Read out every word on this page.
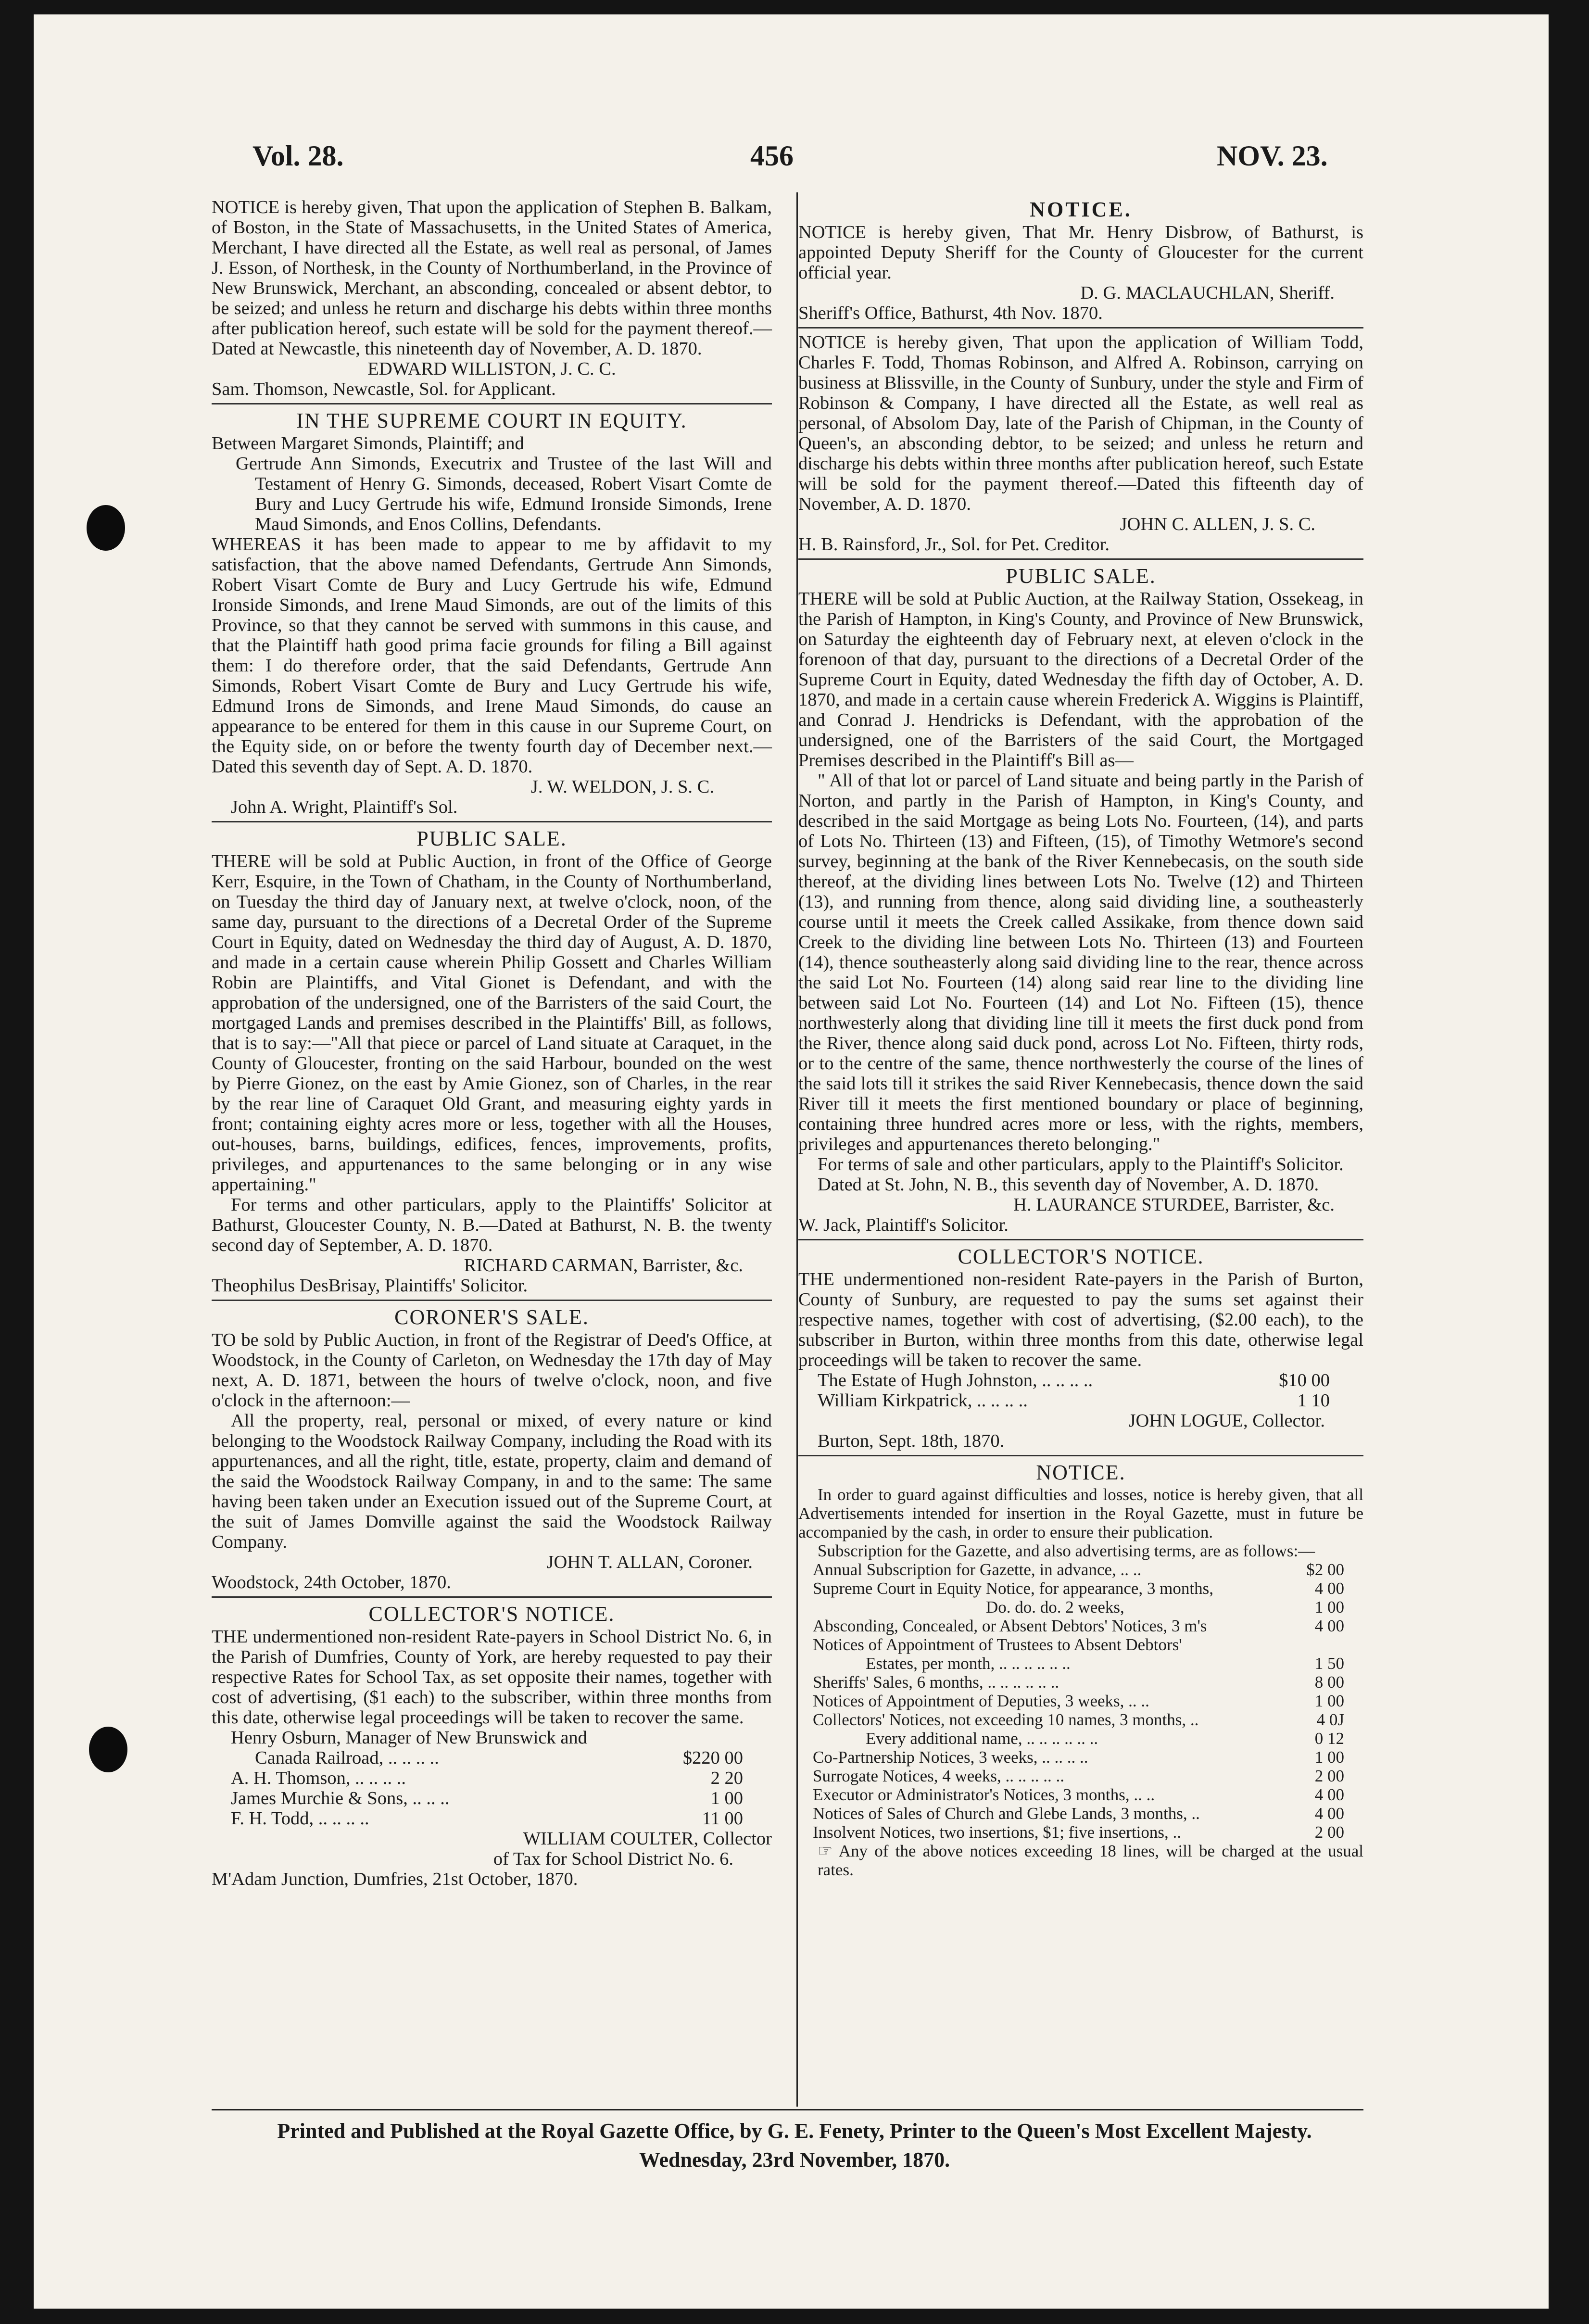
Vol. 28.	456	NOV. 23.

NOTICE is hereby given, That upon the application of Stephen B. Balkam, of Boston, in the State of Massachusetts, in the United States of America, Merchant, I have directed all the Estate, as well real as personal, of James J. Esson, of Northesk, in the County of Northumberland, in the Province of New Brunswick, Merchant, an absconding, concealed or absent debtor, to be seized; and unless he return and discharge his debts within three months after publication hereof, such estate will be sold for the payment thereof.—Dated at Newcastle, this nineteenth day of November, A. D. 1870.

EDWARD WILLISTON, J. C. C.

Sam. Thomson, Newcastle, Sol. for Applicant.

IN THE SUPREME COURT IN EQUITY.

Between Margaret Simonds, Plaintiff; and

Gertrude Ann Simonds, Executrix and Trustee of the last Will and Testament of Henry G. Simonds, deceased, Robert Visart Comte de Bury and Lucy Gertrude his wife, Edmund Ironside Simonds, Irene Maud Simonds, and Enos Collins, Defendants.

WHEREAS it has been made to appear to me by affidavit to my satisfaction, that the above named Defendants, Gertrude Ann Simonds, Robert Visart Comte de Bury and Lucy Gertrude his wife, Edmund Ironside Simonds, and Irene Maud Simonds, are out of the limits of this Province, so that they cannot be served with summons in this cause, and that the Plaintiff hath good prima facie grounds for filing a Bill against them: I do therefore order, that the said Defendants, Gertrude Ann Simonds, Robert Visart Comte de Bury and Lucy Gertrude his wife, Edmund Irons de Simonds, and Irene Maud Simonds, do cause an appearance to be entered for them in this cause in our Supreme Court, on the Equity side, on or before the twenty fourth day of December next.—Dated this seventh day of Sept. A. D. 1870.

J. W. WELDON, J. S. C.

John A. Wright, Plaintiff's Sol.

PUBLIC SALE.

THERE will be sold at Public Auction, in front of the Office of George Kerr, Esquire, in the Town of Chatham, in the County of Northumberland, on Tuesday the third day of January next, at twelve o'clock, noon, of the same day, pursuant to the directions of a Decretal Order of the Supreme Court in Equity, dated on Wednesday the third day of August, A. D. 1870, and made in a certain cause wherein Philip Gossett and Charles William Robin are Plaintiffs, and Vital Gionet is Defendant, and with the approbation of the undersigned, one of the Barristers of the said Court, the mortgaged Lands and premises described in the Plaintiffs' Bill, as follows, that is to say:—"All that piece or parcel of Land situate at Caraquet, in the County of Gloucester, fronting on the said Harbour, bounded on the west by Pierre Gionez, on the east by Amie Gionez, son of Charles, in the rear by the rear line of Caraquet Old Grant, and measuring eighty yards in front; containing eighty acres more or less, together with all the Houses, out-houses, barns, buildings, edifices, fences, improvements, profits, privileges, and appurtenances to the same belonging or in any wise appertaining."

For terms and other particulars, apply to the Plaintiffs' Solicitor at Bathurst, Gloucester County, N. B.—Dated at Bathurst, N. B. the twenty second day of September, A. D. 1870.

RICHARD CARMAN, Barrister, &c.

Theophilus DesBrisay, Plaintiffs' Solicitor.

CORONER'S SALE.

TO be sold by Public Auction, in front of the Registrar of Deed's Office, at Woodstock, in the County of Carleton, on Wednesday the 17th day of May next, A. D. 1871, between the hours of twelve o'clock, noon, and five o'clock in the afternoon:—

All the property, real, personal or mixed, of every nature or kind belonging to the Woodstock Railway Company, including the Road with its appurtenances, and all the right, title, estate, property, claim and demand of the said the Woodstock Railway Company, in and to the same: The same having been taken under an Execution issued out of the Supreme Court, at the suit of James Domville against the said the Woodstock Railway Company.

JOHN T. ALLAN, Coroner.

Woodstock, 24th October, 1870.

COLLECTOR'S NOTICE.

THE undermentioned non-resident Rate-payers in School District No. 6, in the Parish of Dumfries, County of York, are hereby requested to pay their respective Rates for School Tax, as set opposite their names, together with cost of advertising, ($1 each) to the subscriber, within three months from this date, otherwise legal proceedings will be taken to recover the same.

Henry Osburn, Manager of New Brunswick and
Canada Railroad, .. .. .. ..	$220 00
A. H. Thomson, .. .. .. ..	2 20
James Murchie & Sons, .. .. ..	1 00
F. H. Todd, .. .. .. ..	11 00

WILLIAM COULTER, Collector

of Tax for School District No. 6.

M'Adam Junction, Dumfries, 21st October, 1870.

NOTICE.

NOTICE is hereby given, That Mr. Henry Disbrow, of Bathurst, is appointed Deputy Sheriff for the County of Gloucester for the current official year.

D. G. MACLAUCHLAN, Sheriff.

Sheriff's Office, Bathurst, 4th Nov. 1870.

NOTICE is hereby given, That upon the application of William Todd, Charles F. Todd, Thomas Robinson, and Alfred A. Robinson, carrying on business at Blissville, in the County of Sunbury, under the style and Firm of Robinson & Company, I have directed all the Estate, as well real as personal, of Absolom Day, late of the Parish of Chipman, in the County of Queen's, an absconding debtor, to be seized; and unless he return and discharge his debts within three months after publication hereof, such Estate will be sold for the payment thereof.—Dated this fifteenth day of November, A. D. 1870.

JOHN C. ALLEN, J. S. C.

H. B. Rainsford, Jr., Sol. for Pet. Creditor.

PUBLIC SALE.

THERE will be sold at Public Auction, at the Railway Station, Ossekeag, in the Parish of Hampton, in King's County, and Province of New Brunswick, on Saturday the eighteenth day of February next, at eleven o'clock in the forenoon of that day, pursuant to the directions of a Decretal Order of the Supreme Court in Equity, dated Wednesday the fifth day of October, A. D. 1870, and made in a certain cause wherein Frederick A. Wiggins is Plaintiff, and Conrad J. Hendricks is Defendant, with the approbation of the undersigned, one of the Barristers of the said Court, the Mortgaged Premises described in the Plaintiff's Bill as—

" All of that lot or parcel of Land situate and being partly in the Parish of Norton, and partly in the Parish of Hampton, in King's County, and described in the said Mortgage as being Lots No. Fourteen, (14), and parts of Lots No. Thirteen (13) and Fifteen, (15), of Timothy Wetmore's second survey, beginning at the bank of the River Kennebecasis, on the south side thereof, at the dividing lines between Lots No. Twelve (12) and Thirteen (13), and running from thence, along said dividing line, a southeasterly course until it meets the Creek called Assikake, from thence down said Creek to the dividing line between Lots No. Thirteen (13) and Fourteen (14), thence southeasterly along said dividing line to the rear, thence across the said Lot No. Fourteen (14) along said rear line to the dividing line between said Lot No. Fourteen (14) and Lot No. Fifteen (15), thence northwesterly along that dividing line till it meets the first duck pond from the River, thence along said duck pond, across Lot No. Fifteen, thirty rods, or to the centre of the same, thence northwesterly the course of the lines of the said lots till it strikes the said River Kennebecasis, thence down the said River till it meets the first mentioned boundary or place of beginning, containing three hundred acres more or less, with the rights, members, privileges and appurtenances thereto belonging."

For terms of sale and other particulars, apply to the Plaintiff's Solicitor.

Dated at St. John, N. B., this seventh day of November, A. D. 1870.

H. LAURANCE STURDEE, Barrister, &c.

W. Jack, Plaintiff's Solicitor.

COLLECTOR'S NOTICE.

THE undermentioned non-resident Rate-payers in the Parish of Burton, County of Sunbury, are requested to pay the sums set against their respective names, together with cost of advertising, ($2.00 each), to the subscriber in Burton, within three months from this date, otherwise legal proceedings will be taken to recover the same.

The Estate of Hugh Johnston, .. .. .. ..	$10 00
William Kirkpatrick, .. .. .. ..	1 10

JOHN LOGUE, Collector.

Burton, Sept. 18th, 1870.

NOTICE.

In order to guard against difficulties and losses, notice is hereby given, that all Advertisements intended for insertion in the Royal Gazette, must in future be accompanied by the cash, in order to ensure their publication.

Subscription for the Gazette, and also advertising terms, are as follows:—

Annual Subscription for Gazette, in advance, .. ..	$2 00
Supreme Court in Equity Notice, for appearance, 3 months,	4 00
Do. do. do. 2 weeks,	1 00
Absconding, Concealed, or Absent Debtors' Notices, 3 m's	4 00
Notices of Appointment of Trustees to Absent Debtors'
Estates, per month, .. .. .. .. .. ..	1 50
Sheriffs' Sales, 6 months, .. .. .. .. .. ..	8 00
Notices of Appointment of Deputies, 3 weeks, .. ..	1 00
Collectors' Notices, not exceeding 10 names, 3 months, ..	4 0J
Every additional name, .. .. .. .. .. ..	0 12
Co-Partnership Notices, 3 weeks, .. .. .. ..	1 00
Surrogate Notices, 4 weeks, .. .. .. .. ..	2 00
Executor or Administrator's Notices, 3 months, .. ..	4 00
Notices of Sales of Church and Glebe Lands, 3 months, ..	4 00
Insolvent Notices, two insertions, $1; five insertions, ..	2 00

☞ Any of the above notices exceeding 18 lines, will be charged at the usual rates.

Printed and Published at the Royal Gazette Office, by G. E. Fenety, Printer to the Queen's Most Excellent Majesty.
Wednesday, 23rd November, 1870.
